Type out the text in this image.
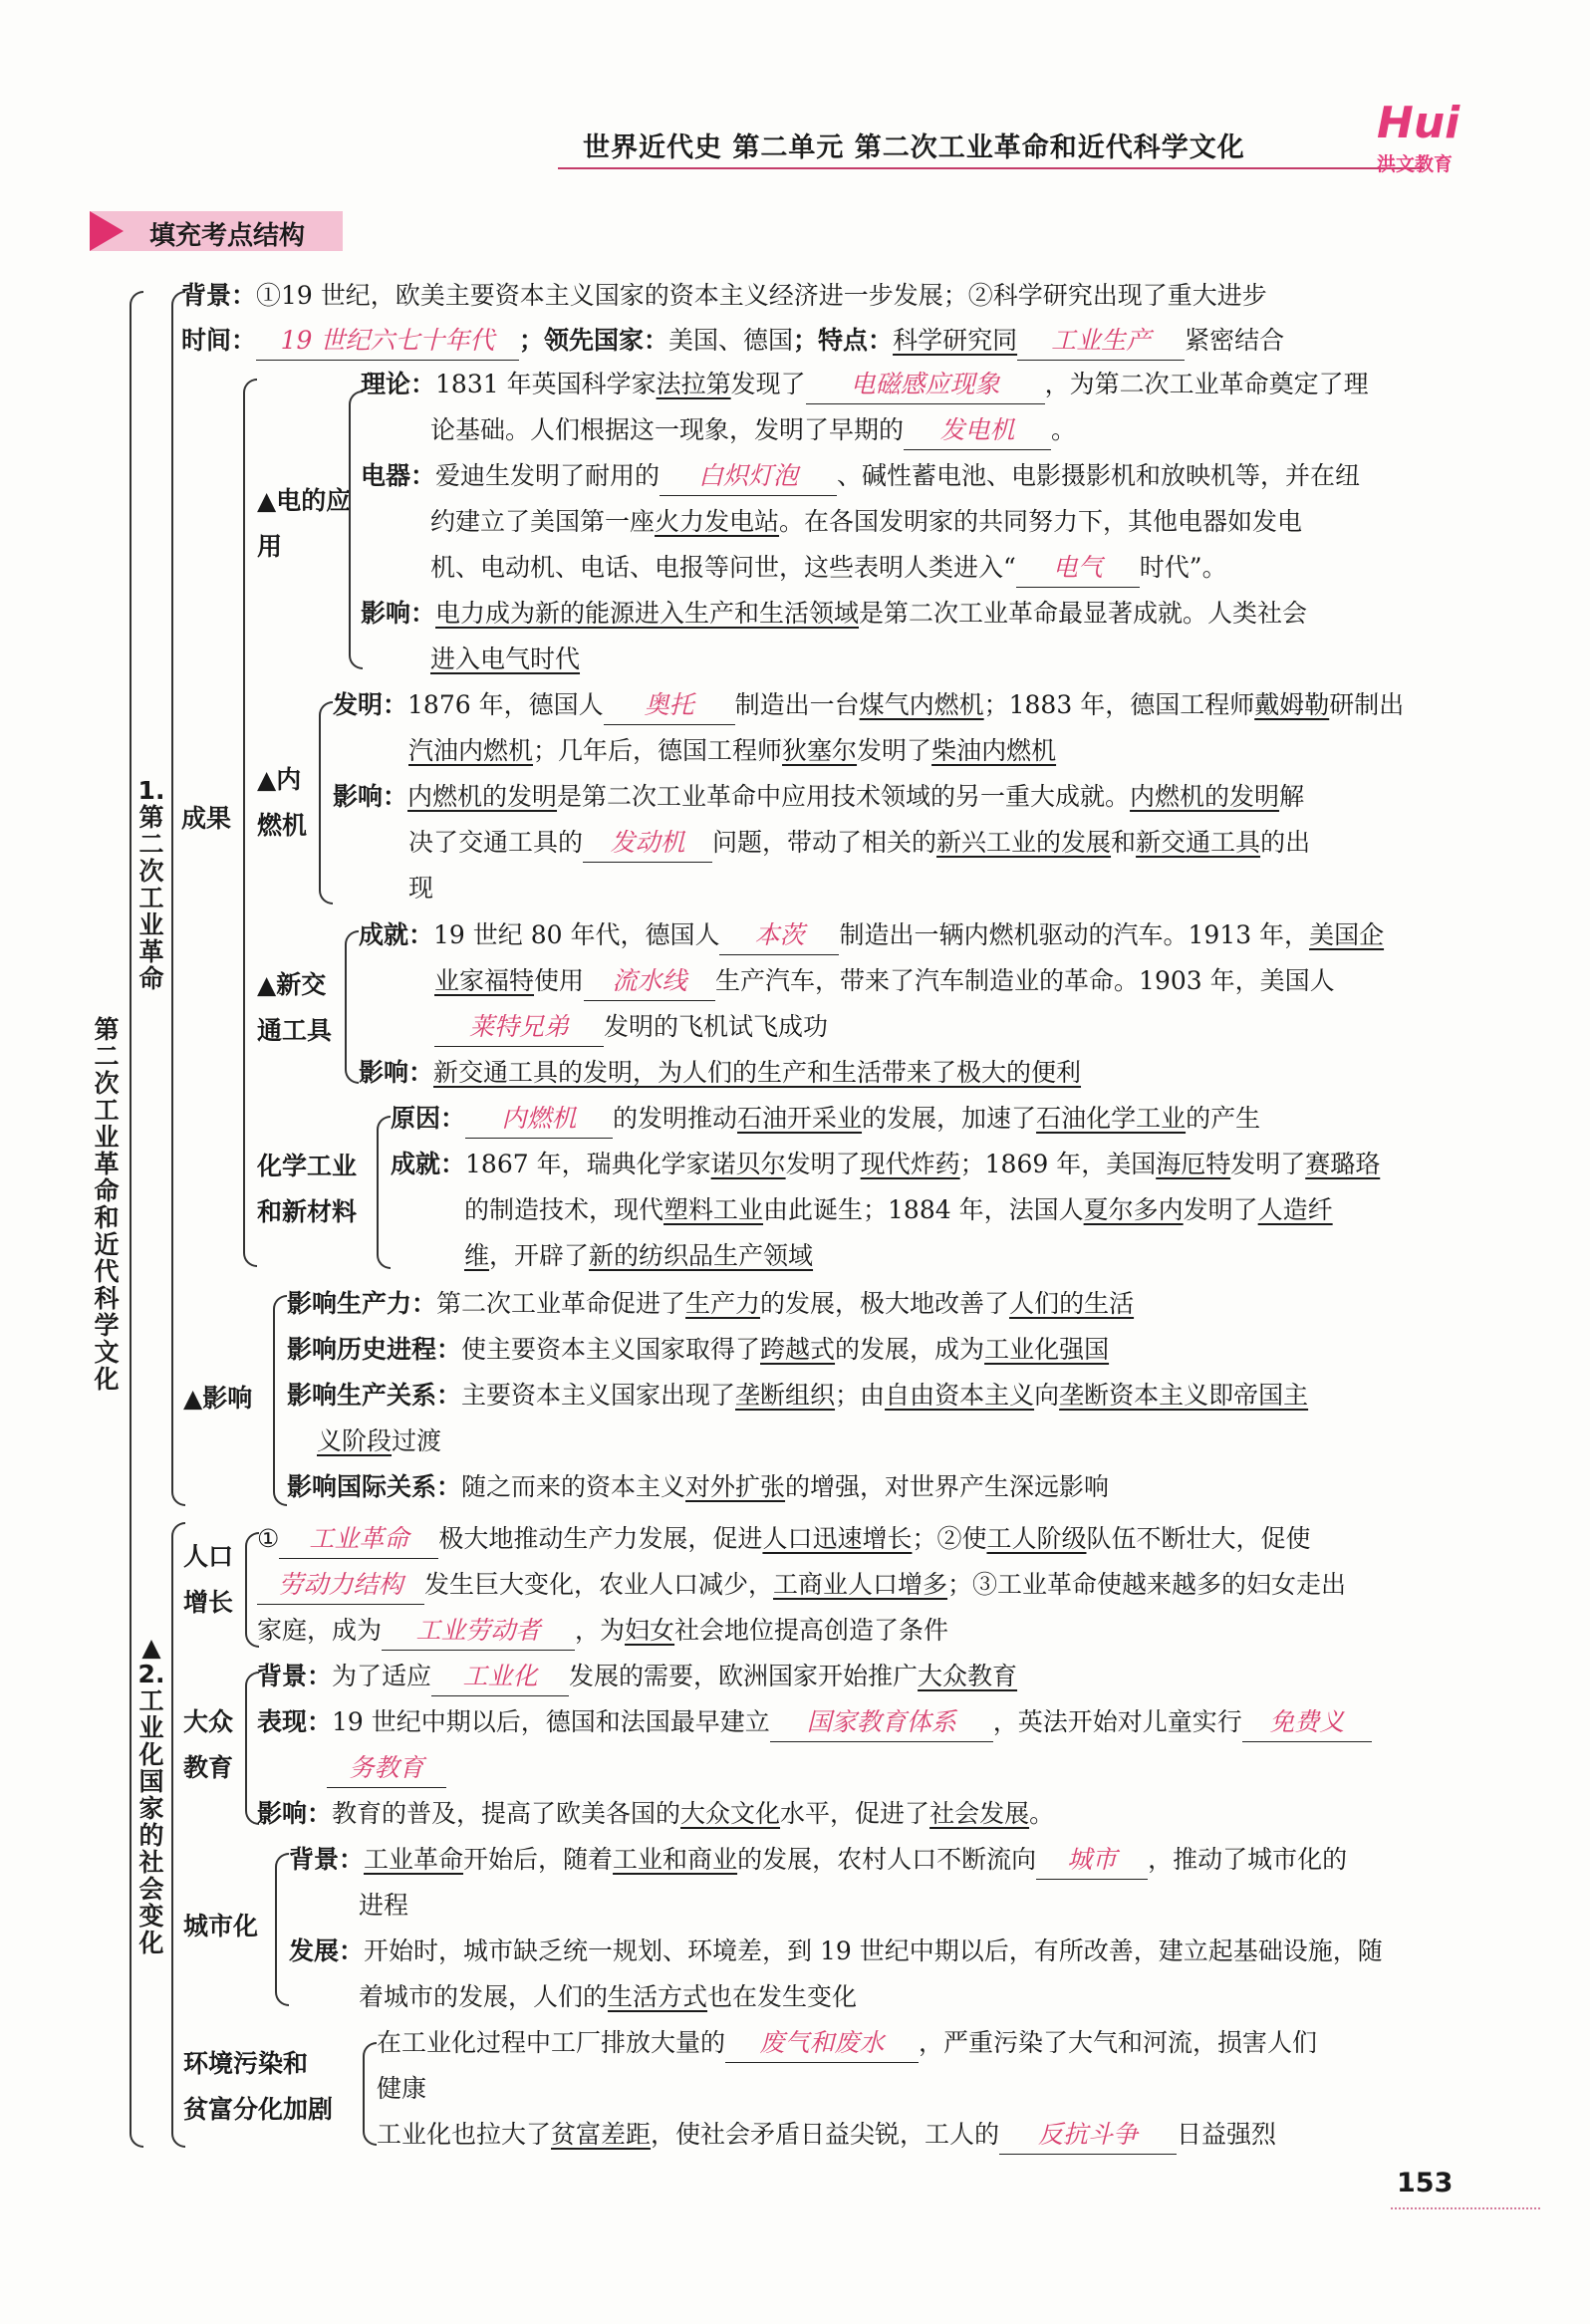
世界近代史 第二单元 第二次工业革命和近代科学文化	Hui
洪文教育
填充考点结构
第二次工业革命和近代科学文化
1. 第二次工业革命
背景：①19 世纪，欧美主要资本主义国家的资本主义经济进一步发展；②科学研究出现了重大进步
时间： 19 世纪六七十年代 ；领先国家：美国、德国；特点：科学研究同 工业生产 紧密结合
成果
▲电的应用
理论：1831 年英国科学家法拉第发现了 电磁感应现象 ，为第二次工业革命奠定了理
论基础。人们根据这一现象，发明了早期的 发电机 。
电器：爱迪生发明了耐用的 白炽灯泡 、碱性蓄电池、电影摄影机和放映机等，并在纽
约建立了美国第一座火力发电站。在各国发明家的共同努力下，其他电器如发电
机、电动机、电话、电报等问世，这些表明人类进入“ 电气 时代”。
影响：电力成为新的能源进入生产和生活领域是第二次工业革命最显著成就。人类社会
进入电气时代
▲内燃机
发明：1876 年，德国人 奥托 制造出一台煤气内燃机；1883 年，德国工程师戴姆勒研制出
汽油内燃机；几年后，德国工程师狄塞尔发明了柴油内燃机
影响：内燃机的发明是第二次工业革命中应用技术领域的另一重大成就。内燃机的发明解
决了交通工具的 发动机 问题，带动了相关的新兴工业的发展和新交通工具的出
现
▲新交通工具
成就：19 世纪 80 年代，德国人 本茨 制造出一辆内燃机驱动的汽车。1913 年，美国企
业家福特使用 流水线 生产汽车，带来了汽车制造业的革命。1903 年，美国人
莱特兄弟 发明的飞机试飞成功
影响：新交通工具的发明，为人们的生产和生活带来了极大的便利
化学工业和新材料
原因： 内燃机 的发明推动石油开采业的发展，加速了石油化学工业的产生
成就：1867 年，瑞典化学家诺贝尔发明了现代炸药；1869 年，美国海厄特发明了赛璐珞
的制造技术，现代塑料工业由此诞生；1884 年，法国人夏尔多内发明了人造纤
维，开辟了新的纺织品生产领域
▲影响
影响生产力：第二次工业革命促进了生产力的发展，极大地改善了人们的生活
影响历史进程：使主要资本主义国家取得了跨越式的发展，成为工业化强国
影响生产关系：主要资本主义国家出现了垄断组织；由自由资本主义向垄断资本主义即帝国主
义阶段过渡
影响国际关系：随之而来的资本主义对外扩张的增强，对世界产生深远影响
▲ 2. 工业化国家的社会变化
人口增长
① 工业革命 极大地推动生产力发展，促进人口迅速增长；②使工人阶级队伍不断壮大，促使
劳动力结构 发生巨大变化，农业人口减少，工商业人口增多；③工业革命使越来越多的妇女走出
家庭，成为 工业劳动者 ，为妇女社会地位提高创造了条件
大众教育
背景：为了适应 工业化 发展的需要，欧洲国家开始推广大众教育
表现：19 世纪中期以后，德国和法国最早建立 国家教育体系 ，英法开始对儿童实行 免费义
务教育
影响：教育的普及，提高了欧美各国的大众文化水平，促进了社会发展。
城市化
背景：工业革命开始后，随着工业和商业的发展，农村人口不断流向 城市 ，推动了城市化的
进程
发展：开始时，城市缺乏统一规划、环境差，到 19 世纪中期以后，有所改善，建立起基础设施，随
着城市的发展，人们的生活方式也在发生变化
环境污染和
贫富分化加剧
在工业化过程中工厂排放大量的 废气和废水 ，严重污染了大气和河流，损害人们
健康
工业化也拉大了贫富差距，使社会矛盾日益尖锐，工人的 反抗斗争 日益强烈
153
